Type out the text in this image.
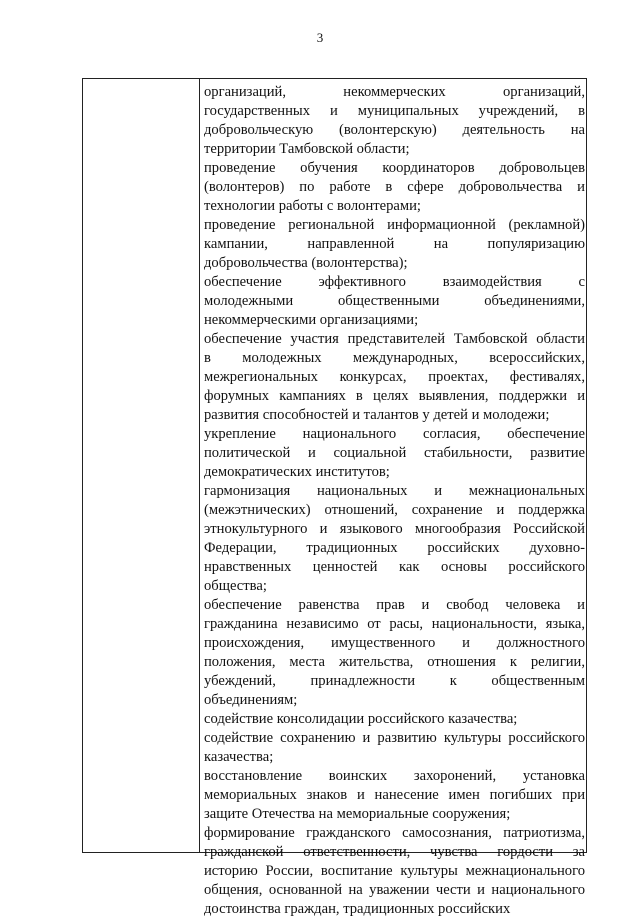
3

организаций, некоммерческих организаций,
государственных и муниципальных учреждений, в
добровольческую (волонтерскую) деятельность на
территории Тамбовской области;

проведение обучения координаторов добровольцев
(волонтеров) по работе в сфере добровольчества и
технологии работы с волонтерами;

проведение региональной информационной (рекламной)
кампании, направленной на популяризацию
добровольчества (волонтерства);

обеспечение эффективного взаимодействия с
молодежными общественными объединениями,
некоммерческими организациями;

обеспечение участия представителей Тамбовской области
в молодежных международных, всероссийских,
межрегиональных конкурсах, проектах, фестивалях,
форумных кампаниях в целях выявления, поддержки и
развития способностей и талантов у детей и молодежи;

укрепление национального согласия, обеспечение
политической и социальной стабильности, развитие
демократических институтов;

гармонизация национальных и межнациональных
(межэтнических) отношений, сохранение и поддержка
этнокультурного и языкового многообразия Российской
Федерации, традиционных российских духовно-
нравственных ценностей как основы российского
общества;

обеспечение равенства прав и свобод человека и
гражданина независимо от расы, национальности, языка,
происхождения, имущественного и должностного
положения, места жительства, отношения к религии,
убеждений, принадлежности к общественным
объединениям;

содействие консолидации российского казачества;

содействие сохранению и развитию культуры российского
казачества;

восстановление воинских захоронений, установка
мемориальных знаков и нанесение имен погибших при
защите Отечества на мемориальные сооружения;

формирование гражданского самосознания, патриотизма,
гражданской ответственности, чувства гордости за
историю России, воспитание культуры межнационального
общения, основанной на уважении чести и национального
достоинства граждан, традиционных российских
